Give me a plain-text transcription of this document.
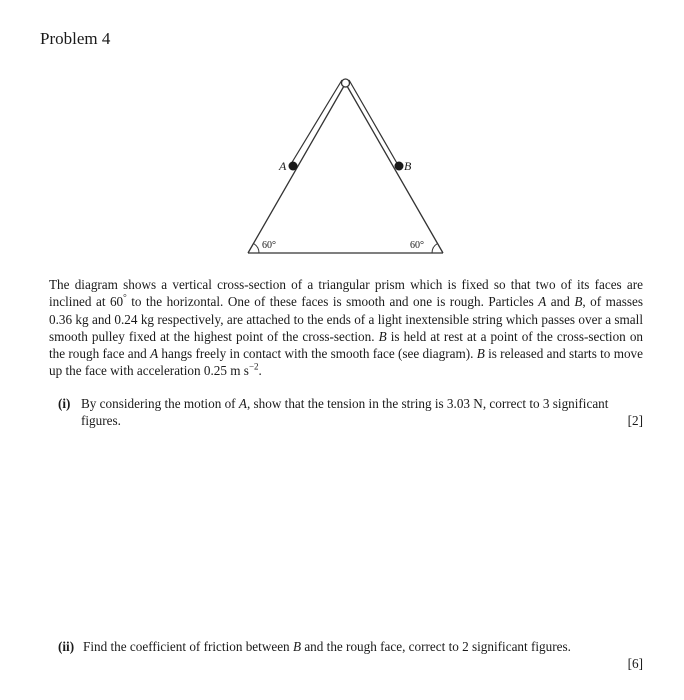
Problem 4
A	B
60°	60°
The diagram shows a vertical cross-section of a triangular prism which is fixed so that two of its faces are inclined at 60° to the horizontal. One of these faces is smooth and one is rough. Particles A and B, of masses 0.36 kg and 0.24 kg respectively, are attached to the ends of a light inextensible string which passes over a small smooth pulley fixed at the highest point of the cross-section. B is held at rest at a point of the cross-section on the rough face and A hangs freely in contact with the smooth face (see diagram). B is released and starts to move up the face with acceleration 0.25 m $s^{-2}$.
(i) By considering the motion of A, show that the tension in the string is 3.03 N, correct to 3 significant
figures.	[2]
(ii) Find the coefficient of friction between B and the rough face, correct to 2 significant figures.
[6]
